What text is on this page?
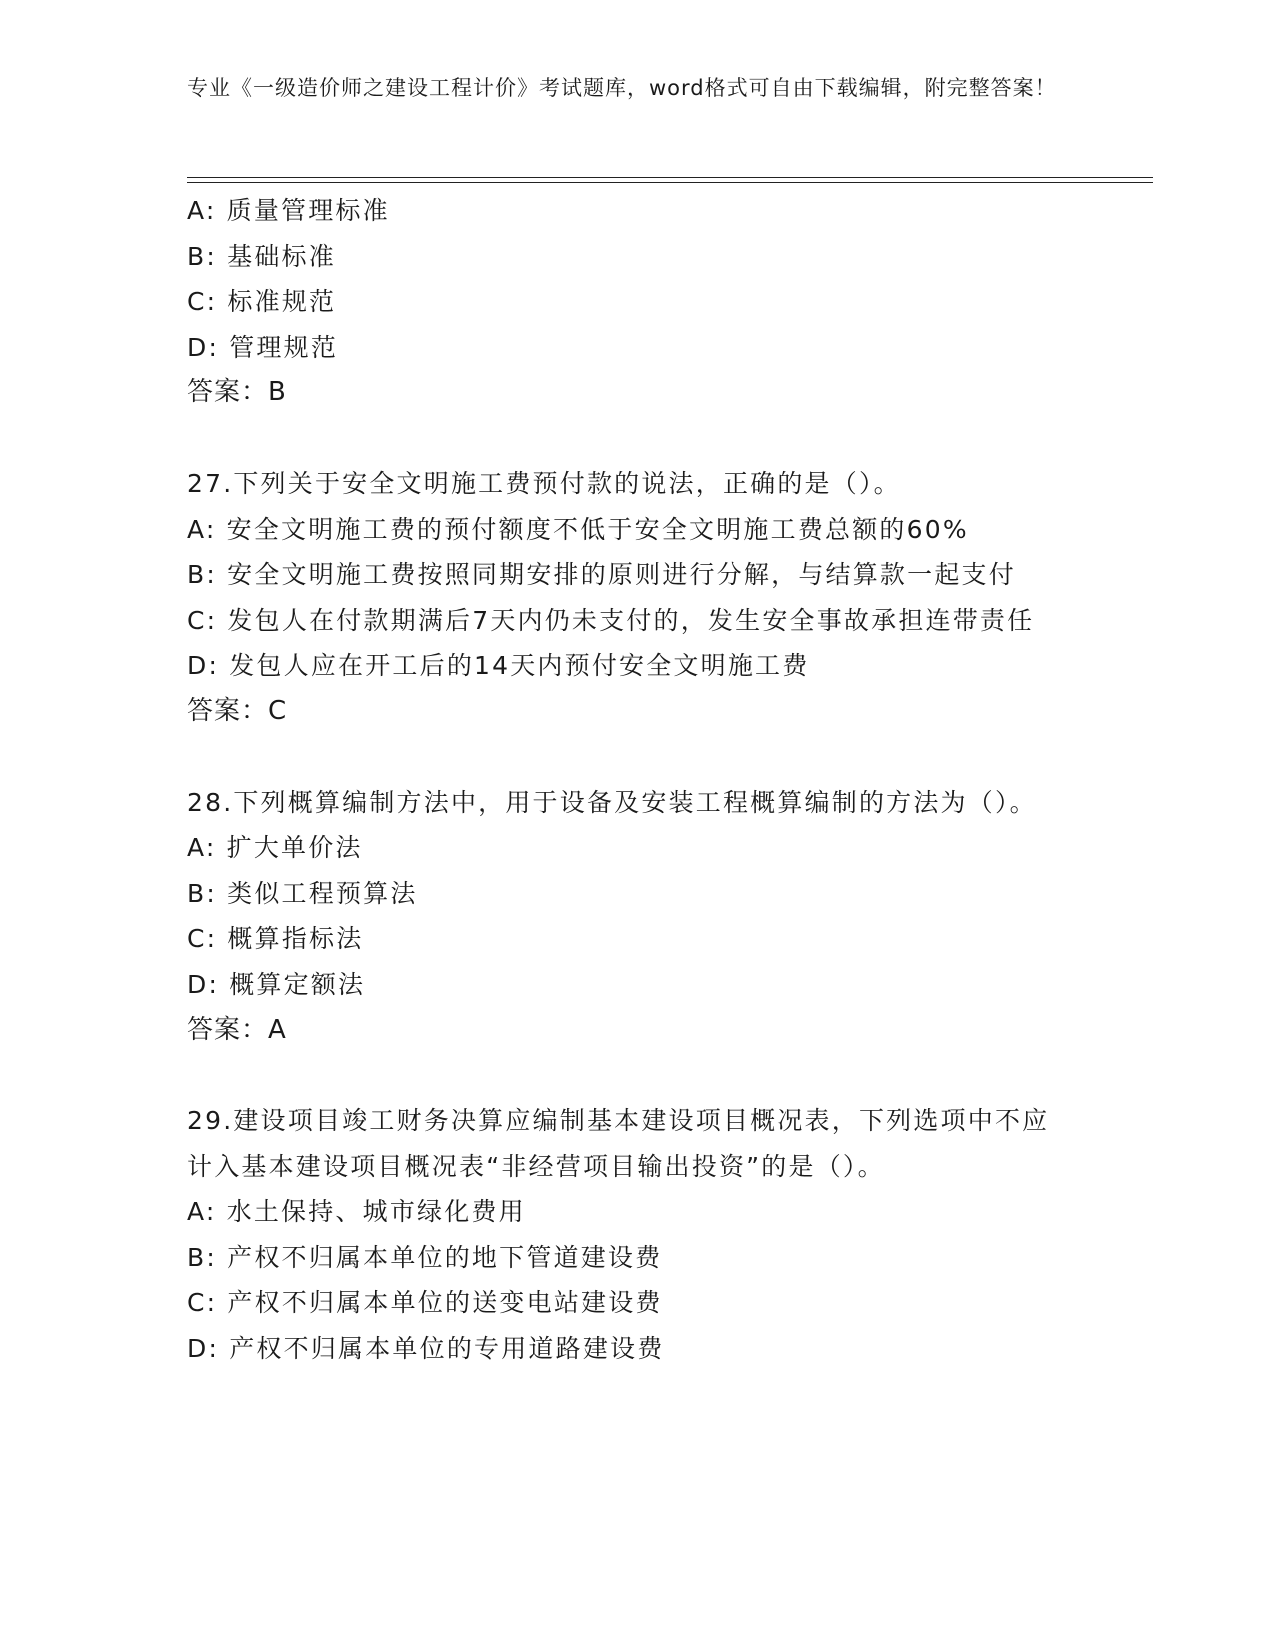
专业《一级造价师之建设工程计价》考试题库，word格式可自由下载编辑，附完整答案！
A: 质量管理标准
B: 基础标准
C: 标准规范
D: 管理规范
答案：B
27.下列关于安全文明施工费预付款的说法，正确的是（）。
A: 安全文明施工费的预付额度不低于安全文明施工费总额的60%
B: 安全文明施工费按照同期安排的原则进行分解，与结算款一起支付
C: 发包人在付款期满后7天内仍未支付的，发生安全事故承担连带责任
D: 发包人应在开工后的14天内预付安全文明施工费
答案：C
28.下列概算编制方法中，用于设备及安装工程概算编制的方法为（）。
A: 扩大单价法
B: 类似工程预算法
C: 概算指标法
D: 概算定额法
答案：A
29.建设项目竣工财务决算应编制基本建设项目概况表，下列选项中不应计入基本建设项目概况表“非经营项目输出投资”的是（）。
A: 水土保持、城市绿化费用
B: 产权不归属本单位的地下管道建设费
C: 产权不归属本单位的送变电站建设费
D: 产权不归属本单位的专用道路建设费
